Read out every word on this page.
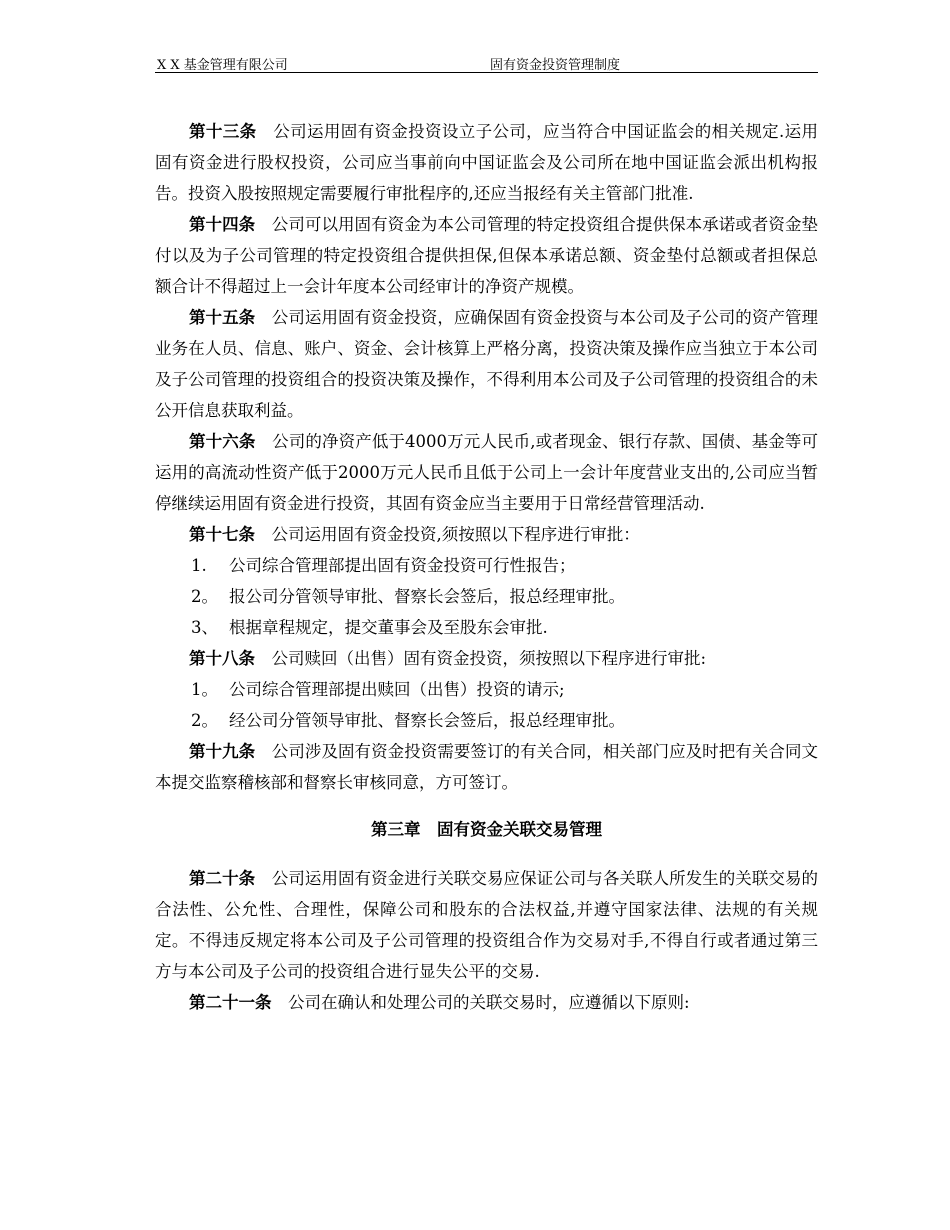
X X 基金管理有限公司	固有资金投资管理制度

第十三条　 公司运用固有资金投资设立子公司，应当符合中国证监会的相关规定.运用固有资金进行股权投资，公司应当事前向中国证监会及公司所在地中国证监会派出机构报告。投资入股按照规定需要履行审批程序的,还应当报经有关主管部门批准.

第十四条　 公司可以用固有资金为本公司管理的特定投资组合提供保本承诺或者资金垫付以及为子公司管理的特定投资组合提供担保,但保本承诺总额、资金垫付总额或者担保总额合计不得超过上一会计年度本公司经审计的净资产规模。

第十五条　 公司运用固有资金投资，应确保固有资金投资与本公司及子公司的资产管理业务在人员、信息、账户、资金、会计核算上严格分离，投资决策及操作应当独立于本公司及子公司管理的投资组合的投资决策及操作，不得利用本公司及子公司管理的投资组合的未公开信息获取利益。

第十六条　 公司的净资产低于4000万元人民币,或者现金、银行存款、国债、基金等可运用的高流动性资产低于2000万元人民币且低于公司上一会计年度营业支出的,公司应当暂停继续运用固有资金进行投资，其固有资金应当主要用于日常经营管理活动.

第十七条　 公司运用固有资金投资,须按照以下程序进行审批：

1. 公司综合管理部提出固有资金投资可行性报告；

2。 报公司分管领导审批、督察长会签后，报总经理审批。

3、 根据章程规定，提交董事会及至股东会审批.

第十八条　 公司赎回（出售）固有资金投资，须按照以下程序进行审批:

1。 公司综合管理部提出赎回（出售）投资的请示;

2。 经公司分管领导审批、督察长会签后，报总经理审批。

第十九条　 公司涉及固有资金投资需要签订的有关合同，相关部门应及时把有关合同文本提交监察稽核部和督察长审核同意，方可签订。

第三章　固有资金关联交易管理

第二十条　 公司运用固有资金进行关联交易应保证公司与各关联人所发生的关联交易的合法性、公允性、合理性，保障公司和股东的合法权益,并遵守国家法律、法规的有关规定。不得违反规定将本公司及子公司管理的投资组合作为交易对手,不得自行或者通过第三方与本公司及子公司的投资组合进行显失公平的交易.

第二十一条　 公司在确认和处理公司的关联交易时，应遵循以下原则:
